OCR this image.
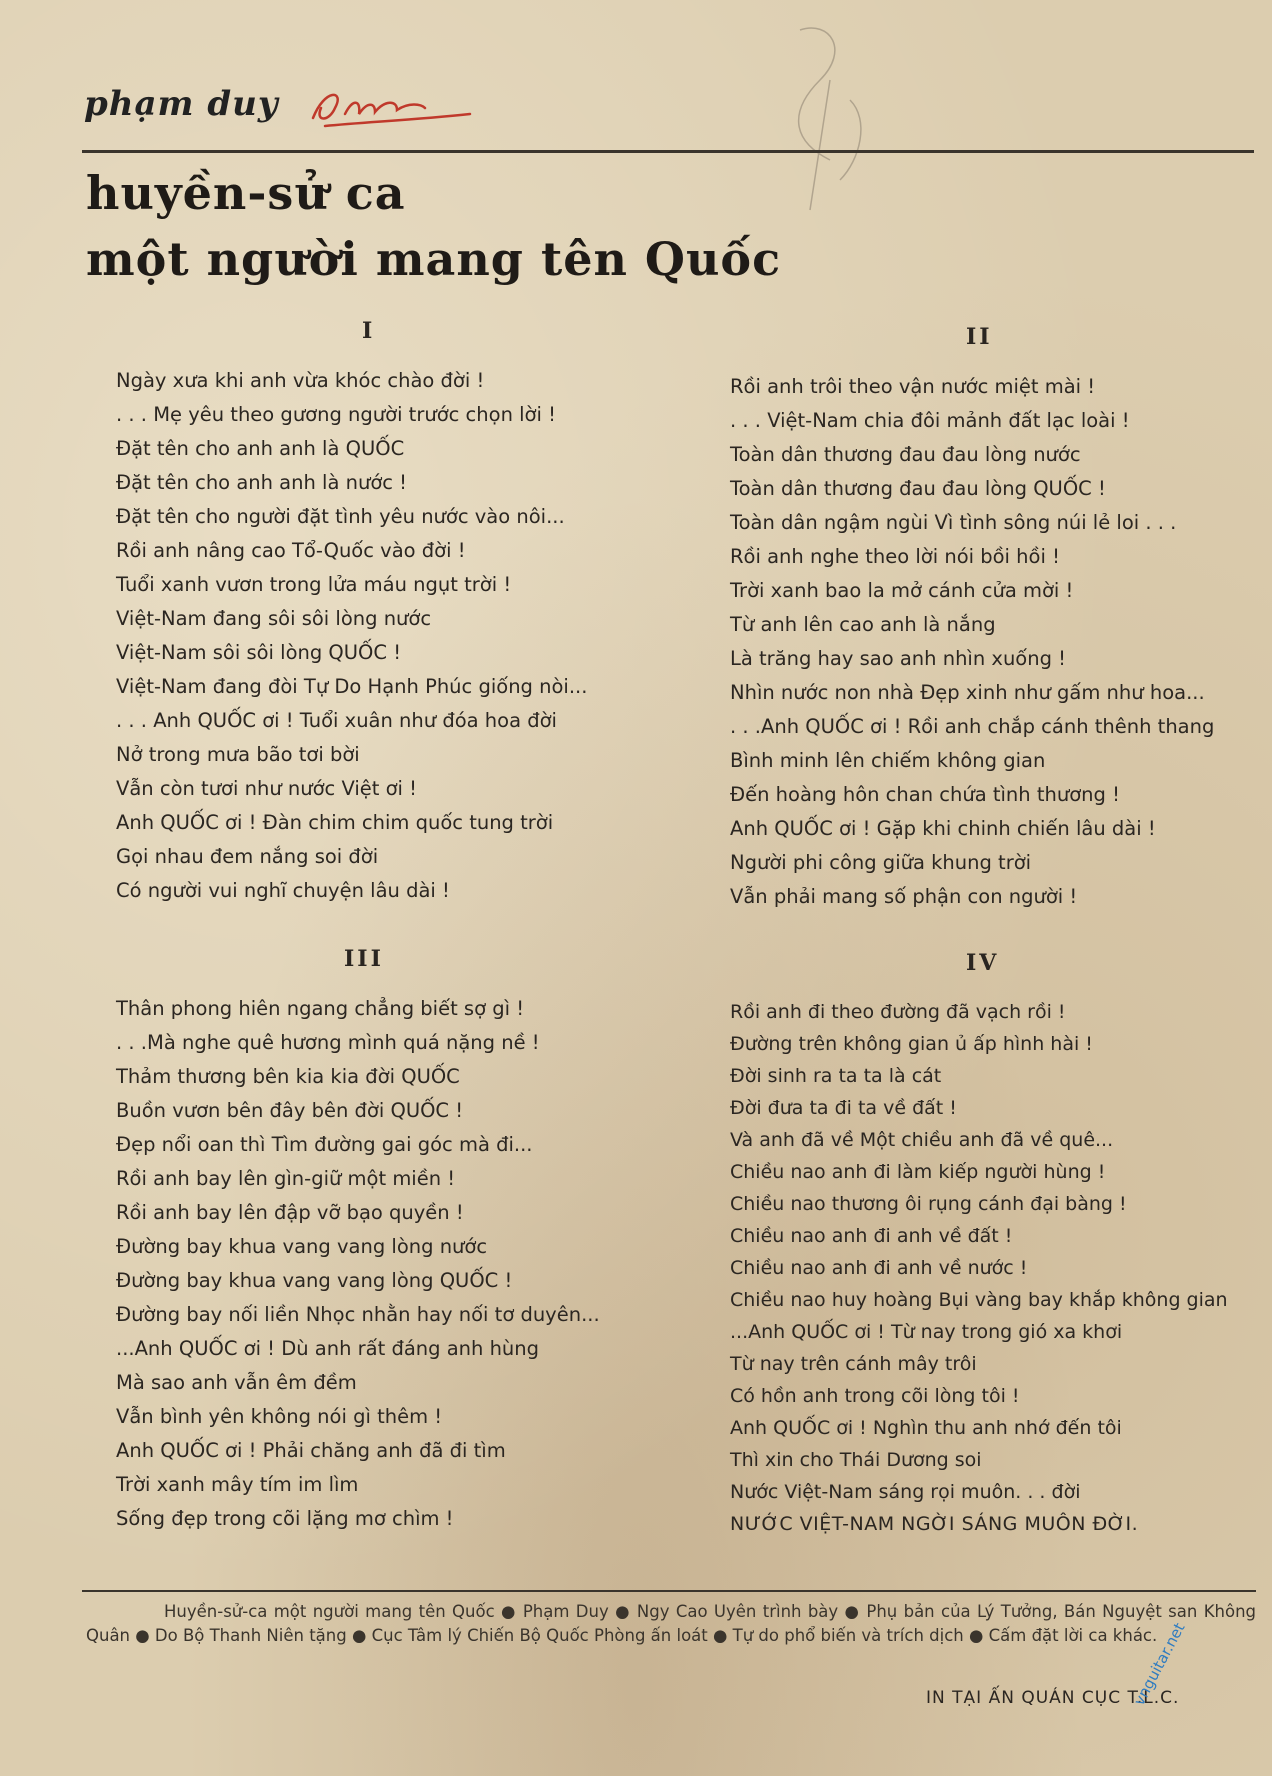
phạm duy
huyền-sử ca
một người mang tên Quốc
I
Ngày xưa khi anh vừa khóc chào đời !
. . . Mẹ yêu theo gương người trước chọn lời !
Đặt tên cho anh anh là QUỐC
Đặt tên cho anh anh là nước !
Đặt tên cho người đặt tình yêu nước vào nôi...
Rồi anh nâng cao Tổ-Quốc vào đời !
Tuổi xanh vươn trong lửa máu ngụt trời !
Việt-Nam đang sôi sôi lòng nước
Việt-Nam sôi sôi lòng QUỐC !
Việt-Nam đang đòi Tự Do Hạnh Phúc giống nòi...
. . . Anh QUỐC ơi ! Tuổi xuân như đóa hoa đời
Nở trong mưa bão tơi bời
Vẫn còn tươi như nước Việt ơi !
Anh QUỐC ơi ! Đàn chim chim quốc tung trời
Gọi nhau đem nắng soi đời
Có người vui nghĩ chuyện lâu dài !
II
Rồi anh trôi theo vận nước miệt mài !
. . . Việt-Nam chia đôi mảnh đất lạc loài !
Toàn dân thương đau đau lòng nước
Toàn dân thương đau đau lòng QUỐC !
Toàn dân ngậm ngùi Vì tình sông núi lẻ loi . . .
Rồi anh nghe theo lời nói bồi hồi !
Trời xanh bao la mở cánh cửa mời !
Từ anh lên cao anh là nắng
Là trăng hay sao anh nhìn xuống !
Nhìn nước non nhà Đẹp xinh như gấm như hoa...
. . .Anh QUỐC ơi ! Rồi anh chắp cánh thênh thang
Bình minh lên chiếm không gian
Đến hoàng hôn chan chứa tình thương !
Anh QUỐC ơi ! Gặp khi chinh chiến lâu dài !
Người phi công giữa khung trời
Vẫn phải mang số phận con người !
III
Thân phong hiên ngang chẳng biết sợ gì !
. . .Mà nghe quê hương mình quá nặng nề !
Thảm thương bên kia kia đời QUỐC
Buồn vươn bên đây bên đời QUỐC !
Đẹp nổi oan thì Tìm đường gai góc mà đi...
Rồi anh bay lên gìn-giữ một miền !
Rồi anh bay lên đập vỡ bạo quyền !
Đường bay khua vang vang lòng nước
Đường bay khua vang vang lòng QUỐC !
Đường bay nối liền Nhọc nhằn hay nối tơ duyên...
...Anh QUỐC ơi ! Dù anh rất đáng anh hùng
Mà sao anh vẫn êm đềm
Vẫn bình yên không nói gì thêm !
Anh QUỐC ơi ! Phải chăng anh đã đi tìm
Trời xanh mây tím im lìm
Sống đẹp trong cõi lặng mơ chìm !
IV
Rồi anh đi theo đường đã vạch rồi !
Đường trên không gian ủ ấp hình hài !
Đời sinh ra ta ta là cát
Đời đưa ta đi ta về đất !
Và anh đã về Một chiều anh đã về quê...
Chiều nao anh đi làm kiếp người hùng !
Chiều nao thương ôi rụng cánh đại bàng !
Chiều nao anh đi anh về đất !
Chiều nao anh đi anh về nước !
Chiều nao huy hoàng Bụi vàng bay khắp không gian
...Anh QUỐC ơi ! Từ nay trong gió xa khơi
Từ nay trên cánh mây trôi
Có hồn anh trong cõi lòng tôi !
Anh QUỐC ơi ! Nghìn thu anh nhớ đến tôi
Thì xin cho Thái Dương soi
Nước Việt-Nam sáng rọi muôn. . . đời
NƯỚC VIỆT-NAM NGỜI SÁNG MUÔN ĐỜI.
Huyền-sử-ca một người mang tên Quốc ● Phạm Duy ● Ngy Cao Uyên trình bày ● Phụ bản của Lý Tưởng, Bán Nguyệt san Không Quân ● Do Bộ Thanh Niên tặng ● Cục Tâm lý Chiến Bộ Quốc Phòng ấn loát ● Tự do phổ biến và trích dịch ● Cấm đặt lời ca khác.
IN TẠI ẤN QUÁN CỤC T.L.C.
vnguitar.net
